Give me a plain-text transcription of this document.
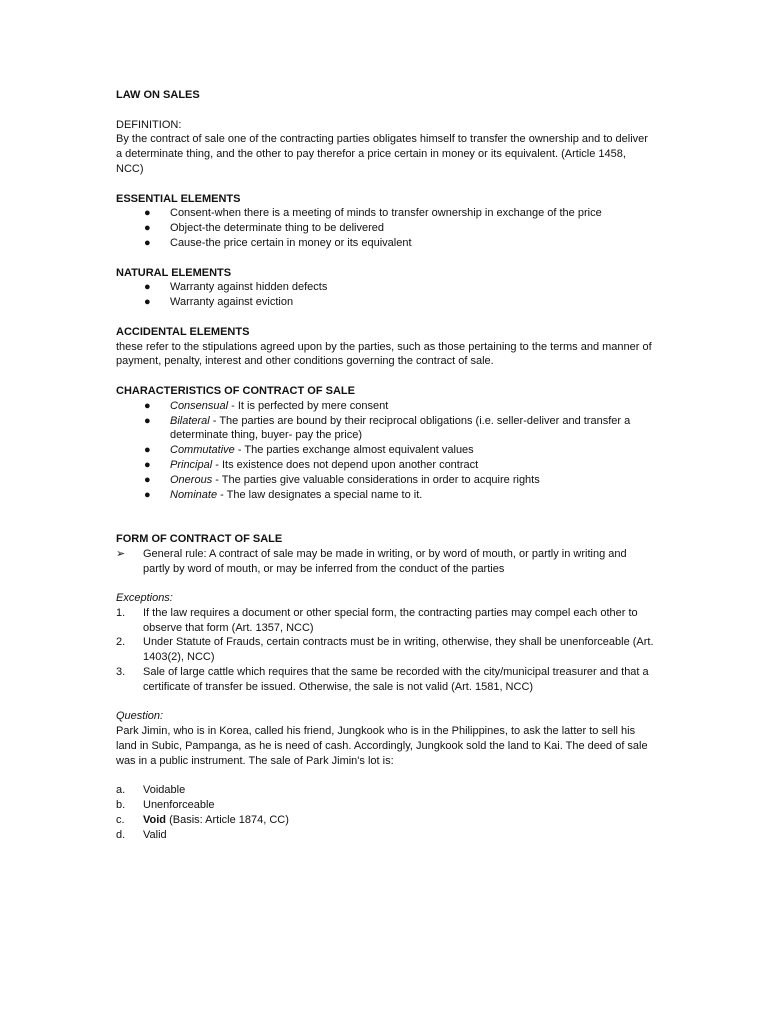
LAW ON SALES
DEFINITION:
By the contract of sale one of the contracting parties obligates himself to transfer the ownership and to deliver a determinate thing, and the other to pay therefor a price certain in money or its equivalent. (Article 1458, NCC)
ESSENTIAL ELEMENTS
● Consent-when there is a meeting of minds to transfer ownership in exchange of the price
● Object-the determinate thing to be delivered
● Cause-the price certain in money or its equivalent
NATURAL ELEMENTS
● Warranty against hidden defects
● Warranty against eviction
ACCIDENTAL ELEMENTS
these refer to the stipulations agreed upon by the parties, such as those pertaining to the terms and manner of payment, penalty, interest and other conditions governing the contract of sale.
CHARACTERISTICS OF CONTRACT OF SALE
● Consensual - It is perfected by mere consent
● Bilateral - The parties are bound by their reciprocal obligations (i.e. seller-deliver and transfer a determinate thing, buyer- pay the price)
● Commutative - The parties exchange almost equivalent values
● Principal - Its existence does not depend upon another contract
● Onerous - The parties give valuable considerations in order to acquire rights
● Nominate - The law designates a special name to it.
FORM OF CONTRACT OF SALE
➢ General rule: A contract of sale may be made in writing, or by word of mouth, or partly in writing and partly by word of mouth, or may be inferred from the conduct of the parties
Exceptions:
1. If the law requires a document or other special form, the contracting parties may compel each other to observe that form (Art. 1357, NCC)
2. Under Statute of Frauds, certain contracts must be in writing, otherwise, they shall be unenforceable (Art. 1403(2), NCC)
3. Sale of large cattle which requires that the same be recorded with the city/municipal treasurer and that a certificate of transfer be issued. Otherwise, the sale is not valid (Art. 1581, NCC)
Question:
Park Jimin, who is in Korea, called his friend, Jungkook who is in the Philippines, to ask the latter to sell his land in Subic, Pampanga, as he is need of cash. Accordingly, Jungkook sold the land to Kai. The deed of sale was in a public instrument. The sale of Park Jimin's lot is:
a. Voidable
b. Unenforceable
c. Void (Basis: Article 1874, CC)
d. Valid
